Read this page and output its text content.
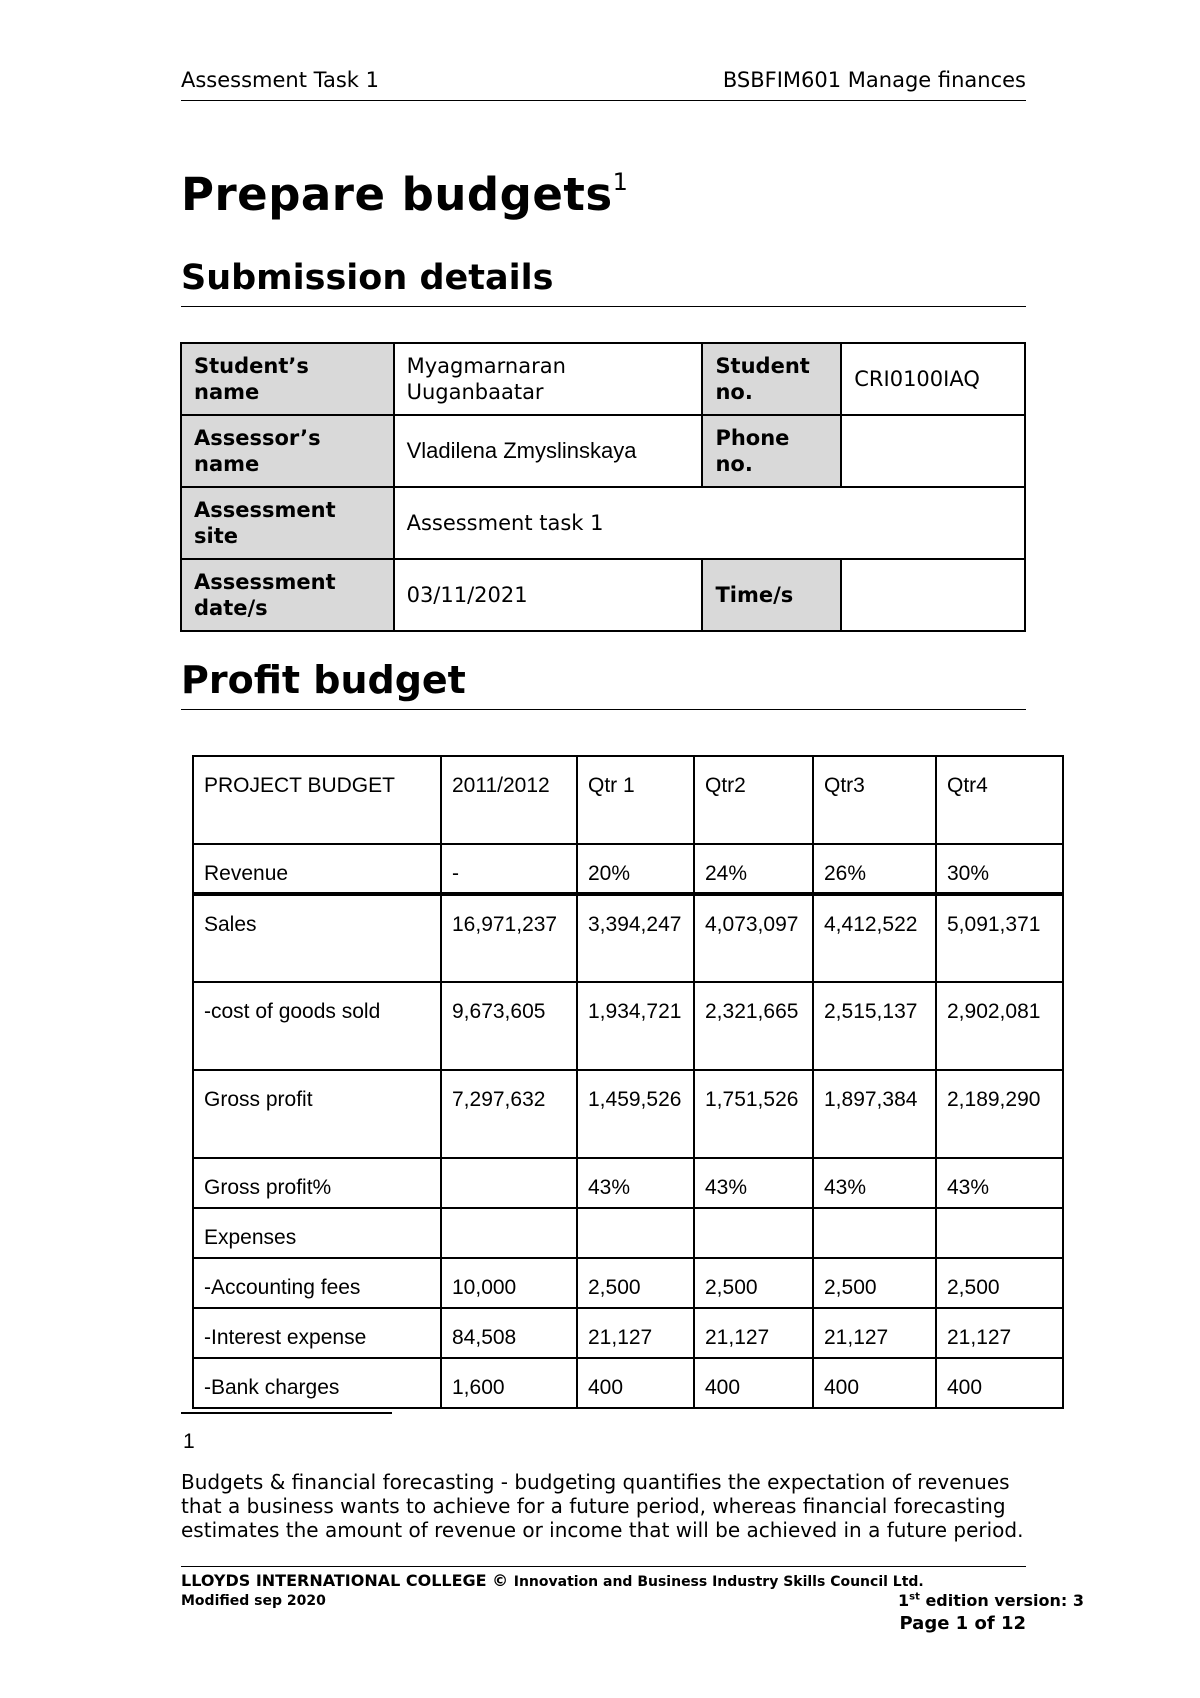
Assessment Task 1	BSBFIM601 Manage finances
Prepare budgets$^1$
Submission details
Student’s name	Myagmarnaran Uuganbaatar	Student no.	CRI0100IAQ
Assessor’s name	Vladilena Zmyslinskaya	Phone no.	
Assessment site	Assessment task 1		
Assessment date/s	03/11/2021	Time/s	
Profit budget
PROJECT BUDGET	2011/2012	Qtr 1	Qtr2	Qtr3	Qtr4
Revenue	-	20%	24%	26%	30%
Sales	16,971,237	3,394,247	4,073,097	4,412,522	5,091,371
-cost of goods sold	9,673,605	1,934,721	2,321,665	2,515,137	2,902,081
Gross profit	7,297,632	1,459,526	1,751,526	1,897,384	2,189,290
Gross profit%		43%	43%	43%	43%
Expenses					
-Accounting fees	10,000	2,500	2,500	2,500	2,500
-Interest expense	84,508	21,127	21,127	21,127	21,127
-Bank charges	1,600	400	400	400	400
1
Budgets & financial forecasting - budgeting quantifies the expectation of revenues that a business wants to achieve for a future period, whereas financial forecasting estimates the amount of revenue or income that will be achieved in a future period.
LLOYDS INTERNATIONAL COLLEGE © Innovation and Business Industry Skills Council Ltd.
Modified sep 2020	1st edition version: 3
Page 1 of 12
